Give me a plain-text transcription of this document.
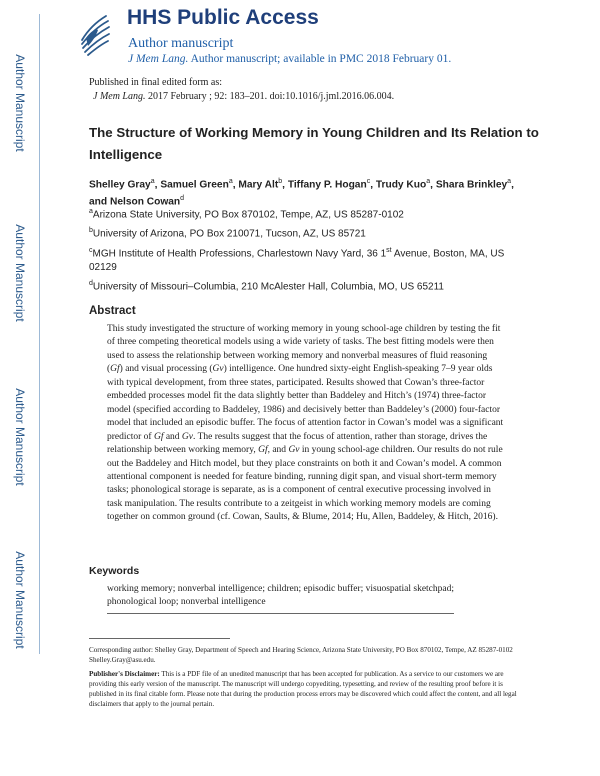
Author Manuscript
Author Manuscript
Author Manuscript
Author Manuscript
HHS Public Access
Author manuscript
J Mem Lang. Author manuscript; available in PMC 2018 February 01.
Published in final edited form as:
J Mem Lang. 2017 February ; 92: 183–201. doi:10.1016/j.jml.2016.06.004.
The Structure of Working Memory in Young Children and Its Relation to Intelligence
Shelley Gray$^a$, Samuel Green$^a$, Mary Alt$^b$, Tiffany P. Hogan$^c$, Trudy Kuo$^a$, Shara Brinkley$^a$, and Nelson Cowan$^d$
$^a$Arizona State University, PO Box 870102, Tempe, AZ, US 85287-0102
$^b$University of Arizona, PO Box 210071, Tucson, AZ, US 85721
$^c$MGH Institute of Health Professions, Charlestown Navy Yard, 36 1st Avenue, Boston, MA, US 02129
$^d$University of Missouri–Columbia, 210 McAlester Hall, Columbia, MO, US 65211
Abstract

This study investigated the structure of working memory in young school-age children by testing the fit of three competing theoretical models using a wide variety of tasks. The best fitting models were then used to assess the relationship between working memory and nonverbal measures of fluid reasoning (Gf) and visual processing (Gv) intelligence. One hundred sixty-eight English-speaking 7–9 year olds with typical development, from three states, participated. Results showed that Cowan’s three-factor embedded processes model fit the data slightly better than Baddeley and Hitch’s (1974) three-factor model (specified according to Baddeley, 1986) and decisively better than Baddeley’s (2000) four-factor model that included an episodic buffer. The focus of attention factor in Cowan’s model was a significant predictor of Gf and Gv. The results suggest that the focus of attention, rather than storage, drives the relationship between working memory, Gf, and Gv in young school-age children. Our results do not rule out the Baddeley and Hitch model, but they place constraints on both it and Cowan’s model. A common attentional component is needed for feature binding, running digit span, and visual short-term memory tasks; phonological storage is separate, as is a component of central executive processing involved in task manipulation. The results contribute to a zeitgeist in which working memory models are coming together on common ground (cf. Cowan, Saults, & Blume, 2014; Hu, Allen, Baddeley, & Hitch, 2016).

Keywords
working memory; nonverbal intelligence; children; episodic buffer; visuospatial sketchpad; phonological loop; nonverbal intelligence

Corresponding author: Shelley Gray, Department of Speech and Hearing Science, Arizona State University, PO Box 870102, Tempe, AZ 85287-0102 Shelley.Gray@asu.edu.

Publisher's Disclaimer: This is a PDF file of an unedited manuscript that has been accepted for publication. As a service to our customers we are providing this early version of the manuscript. The manuscript will undergo copyediting, typesetting, and review of the resulting proof before it is published in its final citable form. Please note that during the production process errors may be discovered which could affect the content, and all legal disclaimers that apply to the journal pertain.
